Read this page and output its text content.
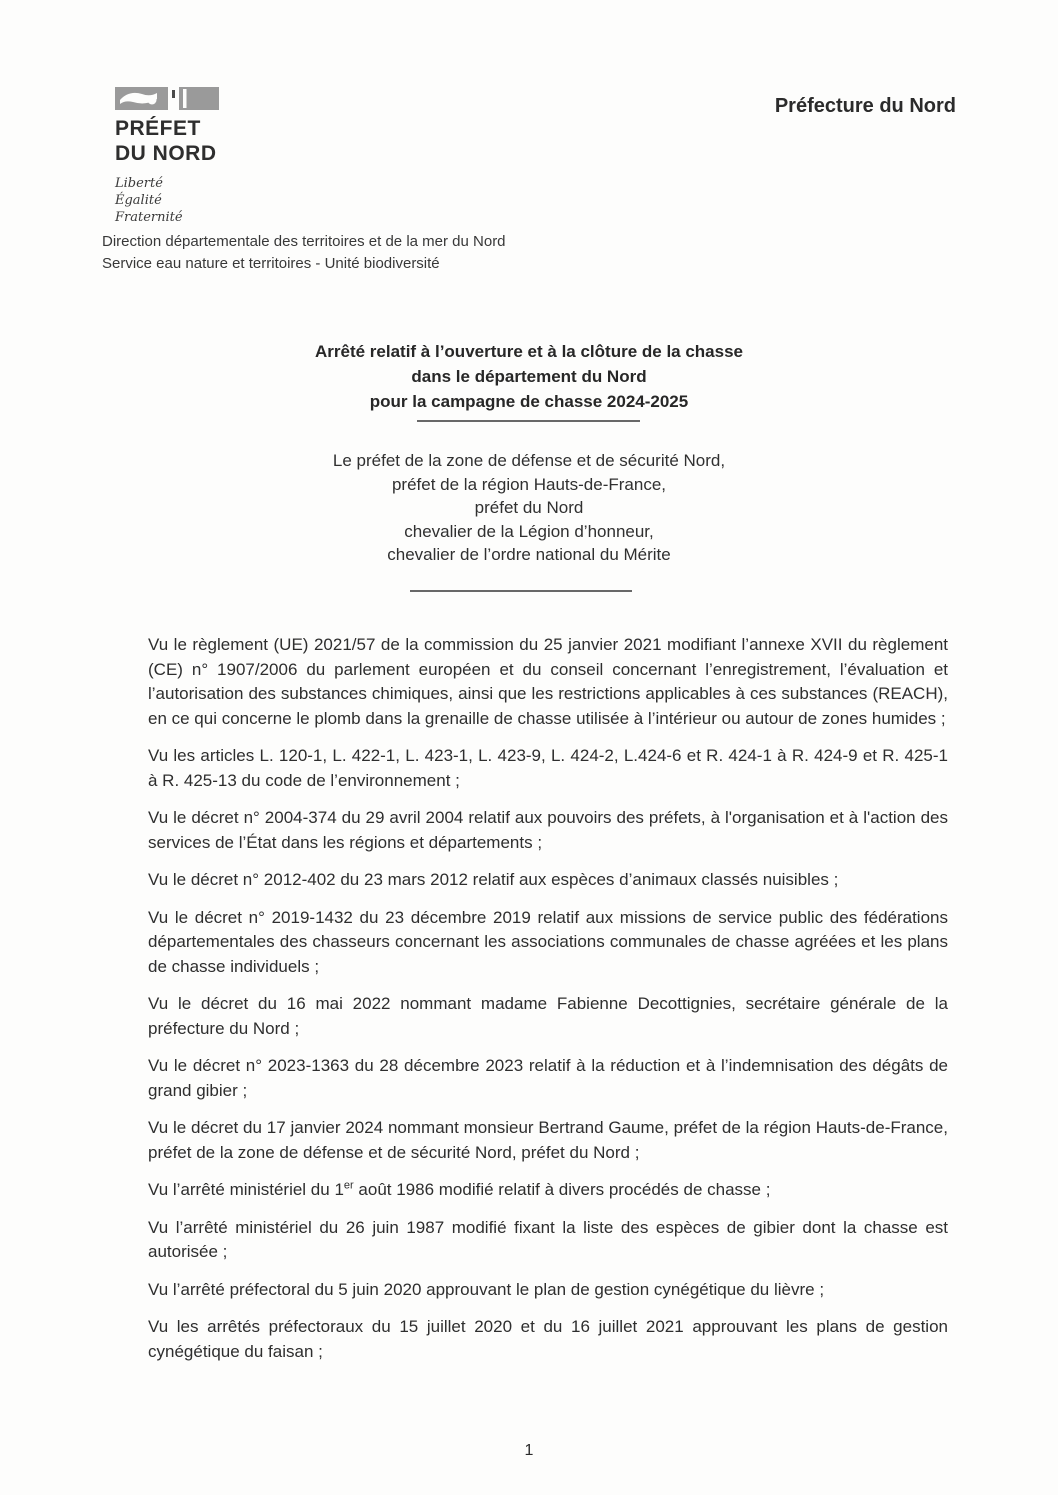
PRÉFET
DU NORD
Liberté
Égalité
Fraternité
Préfecture du Nord
Direction départementale des territoires et de la mer du Nord
Service eau nature et territoires - Unité biodiversité
Arrêté relatif à l’ouverture et à la clôture de la chasse
dans le département du Nord
pour la campagne de chasse 2024-2025
Le préfet de la zone de défense et de sécurité Nord,
préfet de la région Hauts-de-France,
préfet du Nord
chevalier de la Légion d’honneur,
chevalier de l’ordre national du Mérite

Vu le règlement (UE) 2021/57 de la commission du 25 janvier 2021 modifiant l’annexe XVII du règlement (CE) n° 1907/2006 du parlement européen et du conseil concernant l’enregistrement, l’évaluation et l’autorisation des substances chimiques, ainsi que les restrictions applicables à ces substances (REACH), en ce qui concerne le plomb dans la grenaille de chasse utilisée à l’intérieur ou autour de zones humides ;

Vu les articles L. 120-1, L. 422-1, L. 423-1, L. 423-9, L. 424-2, L.424-6 et R. 424-1 à R. 424-9 et R. 425-1 à R. 425-13 du code de l’environnement ;

Vu le décret n° 2004-374 du 29 avril 2004 relatif aux pouvoirs des préfets, à l'organisation et à l'action des services de l’État dans les régions et départements ;

Vu le décret n° 2012-402 du 23 mars 2012 relatif aux espèces d’animaux classés nuisibles ;

Vu le décret n° 2019-1432 du 23 décembre 2019 relatif aux missions de service public des fédérations départementales des chasseurs concernant les associations communales de chasse agréées et les plans de chasse individuels ;

Vu le décret du 16 mai 2022 nommant madame Fabienne Decottignies, secrétaire générale de la préfecture du Nord ;

Vu le décret n° 2023-1363 du 28 décembre 2023 relatif à la réduction et à l’indemnisation des dégâts de grand gibier ;

Vu le décret du 17 janvier 2024 nommant monsieur Bertrand Gaume, préfet de la région Hauts-de-France, préfet de la zone de défense et de sécurité Nord, préfet du Nord ;

Vu l’arrêté ministériel du 1er août 1986 modifié relatif à divers procédés de chasse ;

Vu l’arrêté ministériel du 26 juin 1987 modifié fixant la liste des espèces de gibier dont la chasse est autorisée ;

Vu l’arrêté préfectoral du 5 juin 2020 approuvant le plan de gestion cynégétique du lièvre ;

Vu les arrêtés préfectoraux du 15 juillet 2020 et du 16 juillet 2021 approuvant les plans de gestion cynégétique du faisan ;

1
